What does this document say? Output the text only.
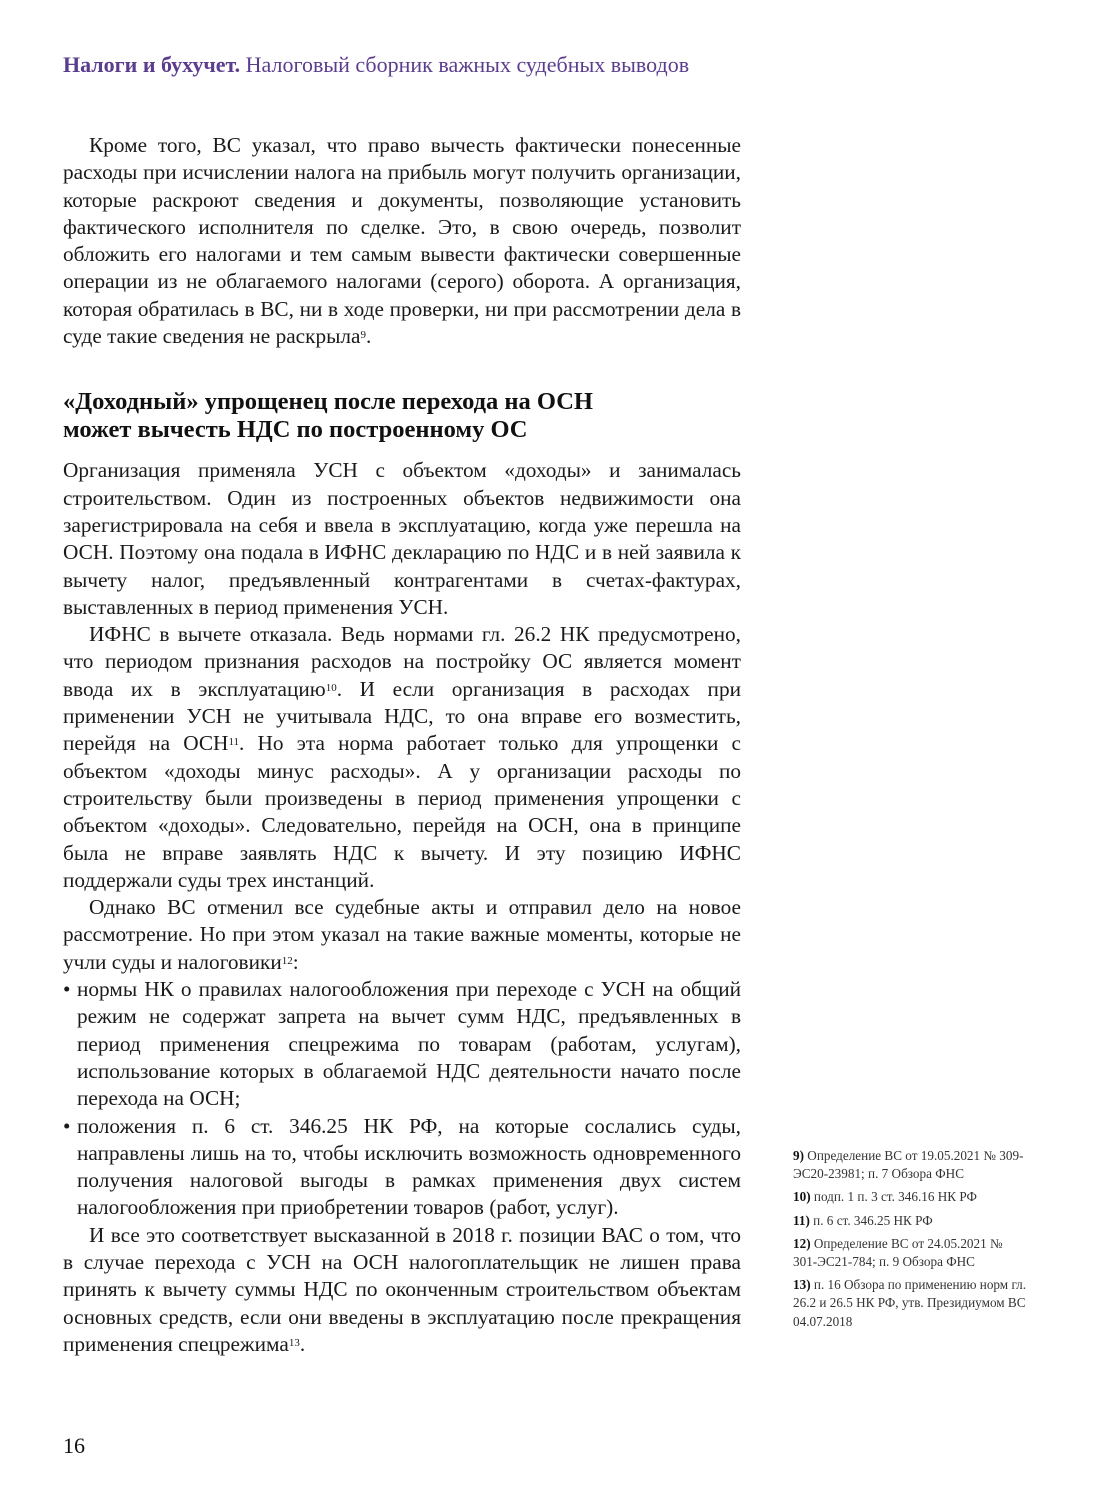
Налоги и бухучет. Налоговый сборник важных судебных выводов

Кроме того, ВС указал, что право вычесть фактически понесенные расходы при исчислении налога на прибыль могут получить организации, которые раскроют сведения и документы, позволяющие установить фактического исполнителя по сделке. Это, в свою очередь, позволит обложить его налогами и тем самым вывести фактически совершенные операции из не облагаемого налогами (серого) оборота. А организация, которая обратилась в ВС, ни в ходе проверки, ни при рассмотрении дела в суде такие сведения не раскрыла$^9$.

«Доходный» упрощенец после перехода на ОСН
может вычесть НДС по построенному ОС

Организация применяла УСН с объектом «доходы» и занималась строительством. Один из построенных объектов недвижимости она зарегистрировала на себя и ввела в эксплуатацию, когда уже перешла на ОСН. Поэтому она подала в ИФНС декларацию по НДС и в ней заявила к вычету налог, предъявленный контрагентами в счетах-фактурах, выставленных в период применения УСН.

ИФНС в вычете отказала. Ведь нормами гл. 26.2 НК предусмотрено, что периодом признания расходов на постройку ОС является момент ввода их в эксплуатацию$^{10}$. И если организация в расходах при применении УСН не учитывала НДС, то она вправе его возместить, перейдя на ОСН$^{11}$. Но эта норма работает только для упрощенки с объектом «доходы минус расходы». А у организации расходы по строительству были произведены в период применения упрощенки с объектом «доходы». Следовательно, перейдя на ОСН, она в принципе была не вправе заявлять НДС к вычету. И эту позицию ИФНС поддержали суды трех инстанций.

Однако ВС отменил все судебные акты и отправил дело на новое рассмотрение. Но при этом указал на такие важные моменты, которые не учли суды и налоговики$^{12}$:

• нормы НК о правилах налогообложения при переходе с УСН на общий режим не содержат запрета на вычет сумм НДС, предъявленных в период применения спецрежима по товарам (работам, услугам), использование которых в облагаемой НДС деятельности начато после перехода на ОСН;
• положения п. 6 ст. 346.25 НК РФ, на которые сослались суды, направлены лишь на то, чтобы исключить возможность одновременного получения налоговой выгоды в рамках применения двух систем налогообложения при приобретении товаров (работ, услуг).

И все это соответствует высказанной в 2018 г. позиции ВАС о том, что в случае перехода с УСН на ОСН налогоплательщик не лишен права принять к вычету суммы НДС по оконченным строительством объектам основных средств, если они введены в эксплуатацию после прекращения применения спецрежима$^{13}$.

9) Определение ВС от 19.05.2021 № 309-ЭС20-23981; п. 7 Обзора ФНС

10) подп. 1 п. 3 ст. 346.16 НК РФ

11) п. 6 ст. 346.25 НК РФ

12) Определение ВС от 24.05.2021 № 301-ЭС21-784; п. 9 Обзора ФНС

13) п. 16 Обзора по применению норм гл. 26.2 и 26.5 НК РФ, утв. Президиумом ВС 04.07.2018

16
